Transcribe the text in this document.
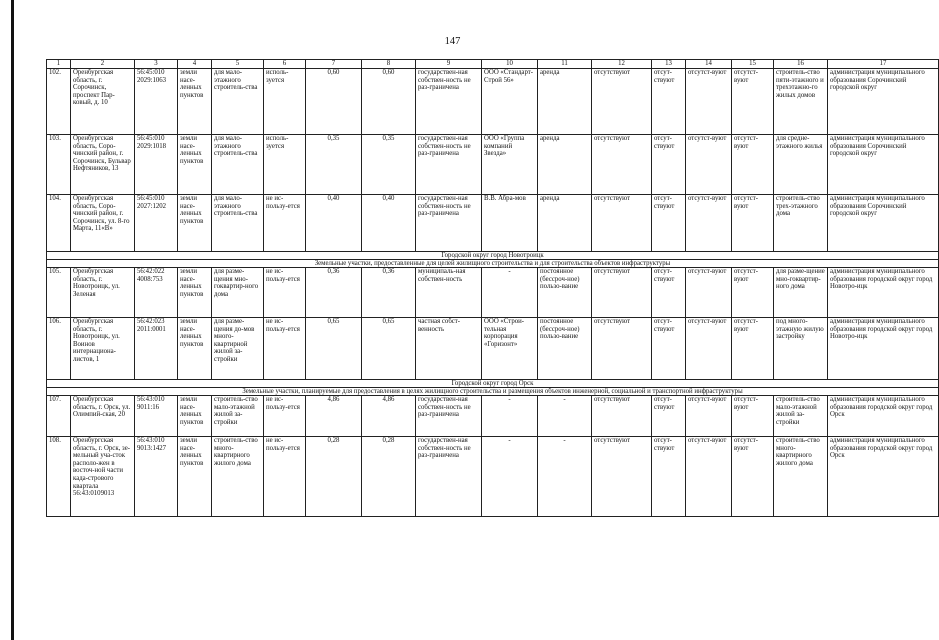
147
1	2	3	4	5	6	7	8	9	10	11	12	13	14	15	16	17
102.	Оренбургская область, г. Сорочинск, проспект Пар-ковый, д. 10	56:45:010 2029:1063	земли насе-ленных пунктов	для мало-этажного строитель-ства	исполь-зуется	0,60	0,60	государствен-ная собствен-ность не раз-граничена	ООО «Стандарт-Строй 56»	аренда	отсутствуют	отсут-ствуют	отсутст-вуют	отсутст-вуют	строитель-ство пяти-этажного и трехэтажно-го жилых домов	администрация муниципального образования Сорочинский городской округ
103.	Оренбургская область, Соро-чинский район, г. Сорочинск, Бульвар Нефтяников, 13	56:45:010 2029:1018	земли насе-ленных пунктов	для мало-этажного строитель-ства	исполь-зуется	0,35	0,35	государствен-ная собствен-ность не раз-граничена	ООО «Группа компаний Звезда»	аренда	отсутствуют	отсут-ствуют	отсутст-вуют	отсутст-вуют	для средне-этажного жилья	администрация муниципального образования Сорочинский городской округ
104.	Оренбургская область, Соро-чинский район, г. Сорочинск, ул. 8-го Марта, 11«В»	56:45:010 2027:1202	земли насе-ленных пунктов	для мало-этажного строитель-ства	не ис-пользу-ется	0,40	0,40	государствен-ная собствен-ность не раз-граничена	В.В. Абра-мов	аренда	отсутствуют	отсут-ствуют	отсутст-вуют	отсутст-вуют	строитель-ство трех-этажного дома	администрация муниципального образования Сорочинский городской округ
Городской округ город Новотроицк																
Земельные участки, предоставленные для целей жилищного строительства и для строительства объектов инфраструктуры																
105.	Оренбургская область, г. Новотроицк, ул. Зеленая	56:42:022 4008:753	земли насе-ленных пунктов	для разме-щения мно-гоквартир-ного дома	не ис-пользу-ется	0,36	0,36	муниципаль-ная собствен-ность	-	постоянное (бессроч-ное) пользо-вание	отсутствуют	отсут-ствуют	отсутст-вуют	отсутст-вуют	для разме-щение мно-гоквартир-ного дома	администрация муниципального образования городской округ город Новотро-ицк
106.	Оренбургская область, г. Новотроицк, ул. Воинов интернациона-листов, 1	56:42:023 2011:0001	земли насе-ленных пунктов	для разме-щения до-мов много-квартирной жилой за-стройки	не ис-пользу-ется	0,65	0,65	частная собст-венность	ООО «Строи-тельная корпорация «Горизонт»	постоянное (бессроч-ное) пользо-вание	отсутствуют	отсут-ствуют	отсутст-вуют	отсутст-вуют	под много-этажную жилую застройку	администрация муниципального образования городской округ город Новотро-ицк
Городской округ город Орск																
Земельные участки, планируемые для предоставления в целях жилищного строительства и размещения объектов инженерной, социальной и транспортной инфраструктуры																
107.	Оренбургская область, г. Орск, ул. Олимпий-ская, 20	56:43:010 9011:16	земли насе-ленных пунктов	строитель-ство мало-этажной жилой за-стройки	не ис-пользу-ется	4,86	4,86	государствен-ная собствен-ность не раз-граничена	-	-	отсутствуют	отсут-ствуют	отсутст-вуют	отсутст-вуют	строитель-ство мало-этажной жилой за-стройки	администрация муниципального образования городской округ город Орск
108.	Оренбургская область, г. Орск, зе-мельный уча-сток располо-жен в восточ-ной части када-стрового квартала 56:43:0109013	56:43:010 9013:1427	земли насе-ленных пунктов	строитель-ство много-квартирного жилого дома	не ис-пользу-ется	0,28	0,28	государствен-ная собствен-ность не раз-граничена	-	-	отсутствуют	отсут-ствуют	отсутст-вуют	отсутст-вуют	строитель-ство много-квартирного жилого дома	администрация муниципального образования городской округ город Орск
